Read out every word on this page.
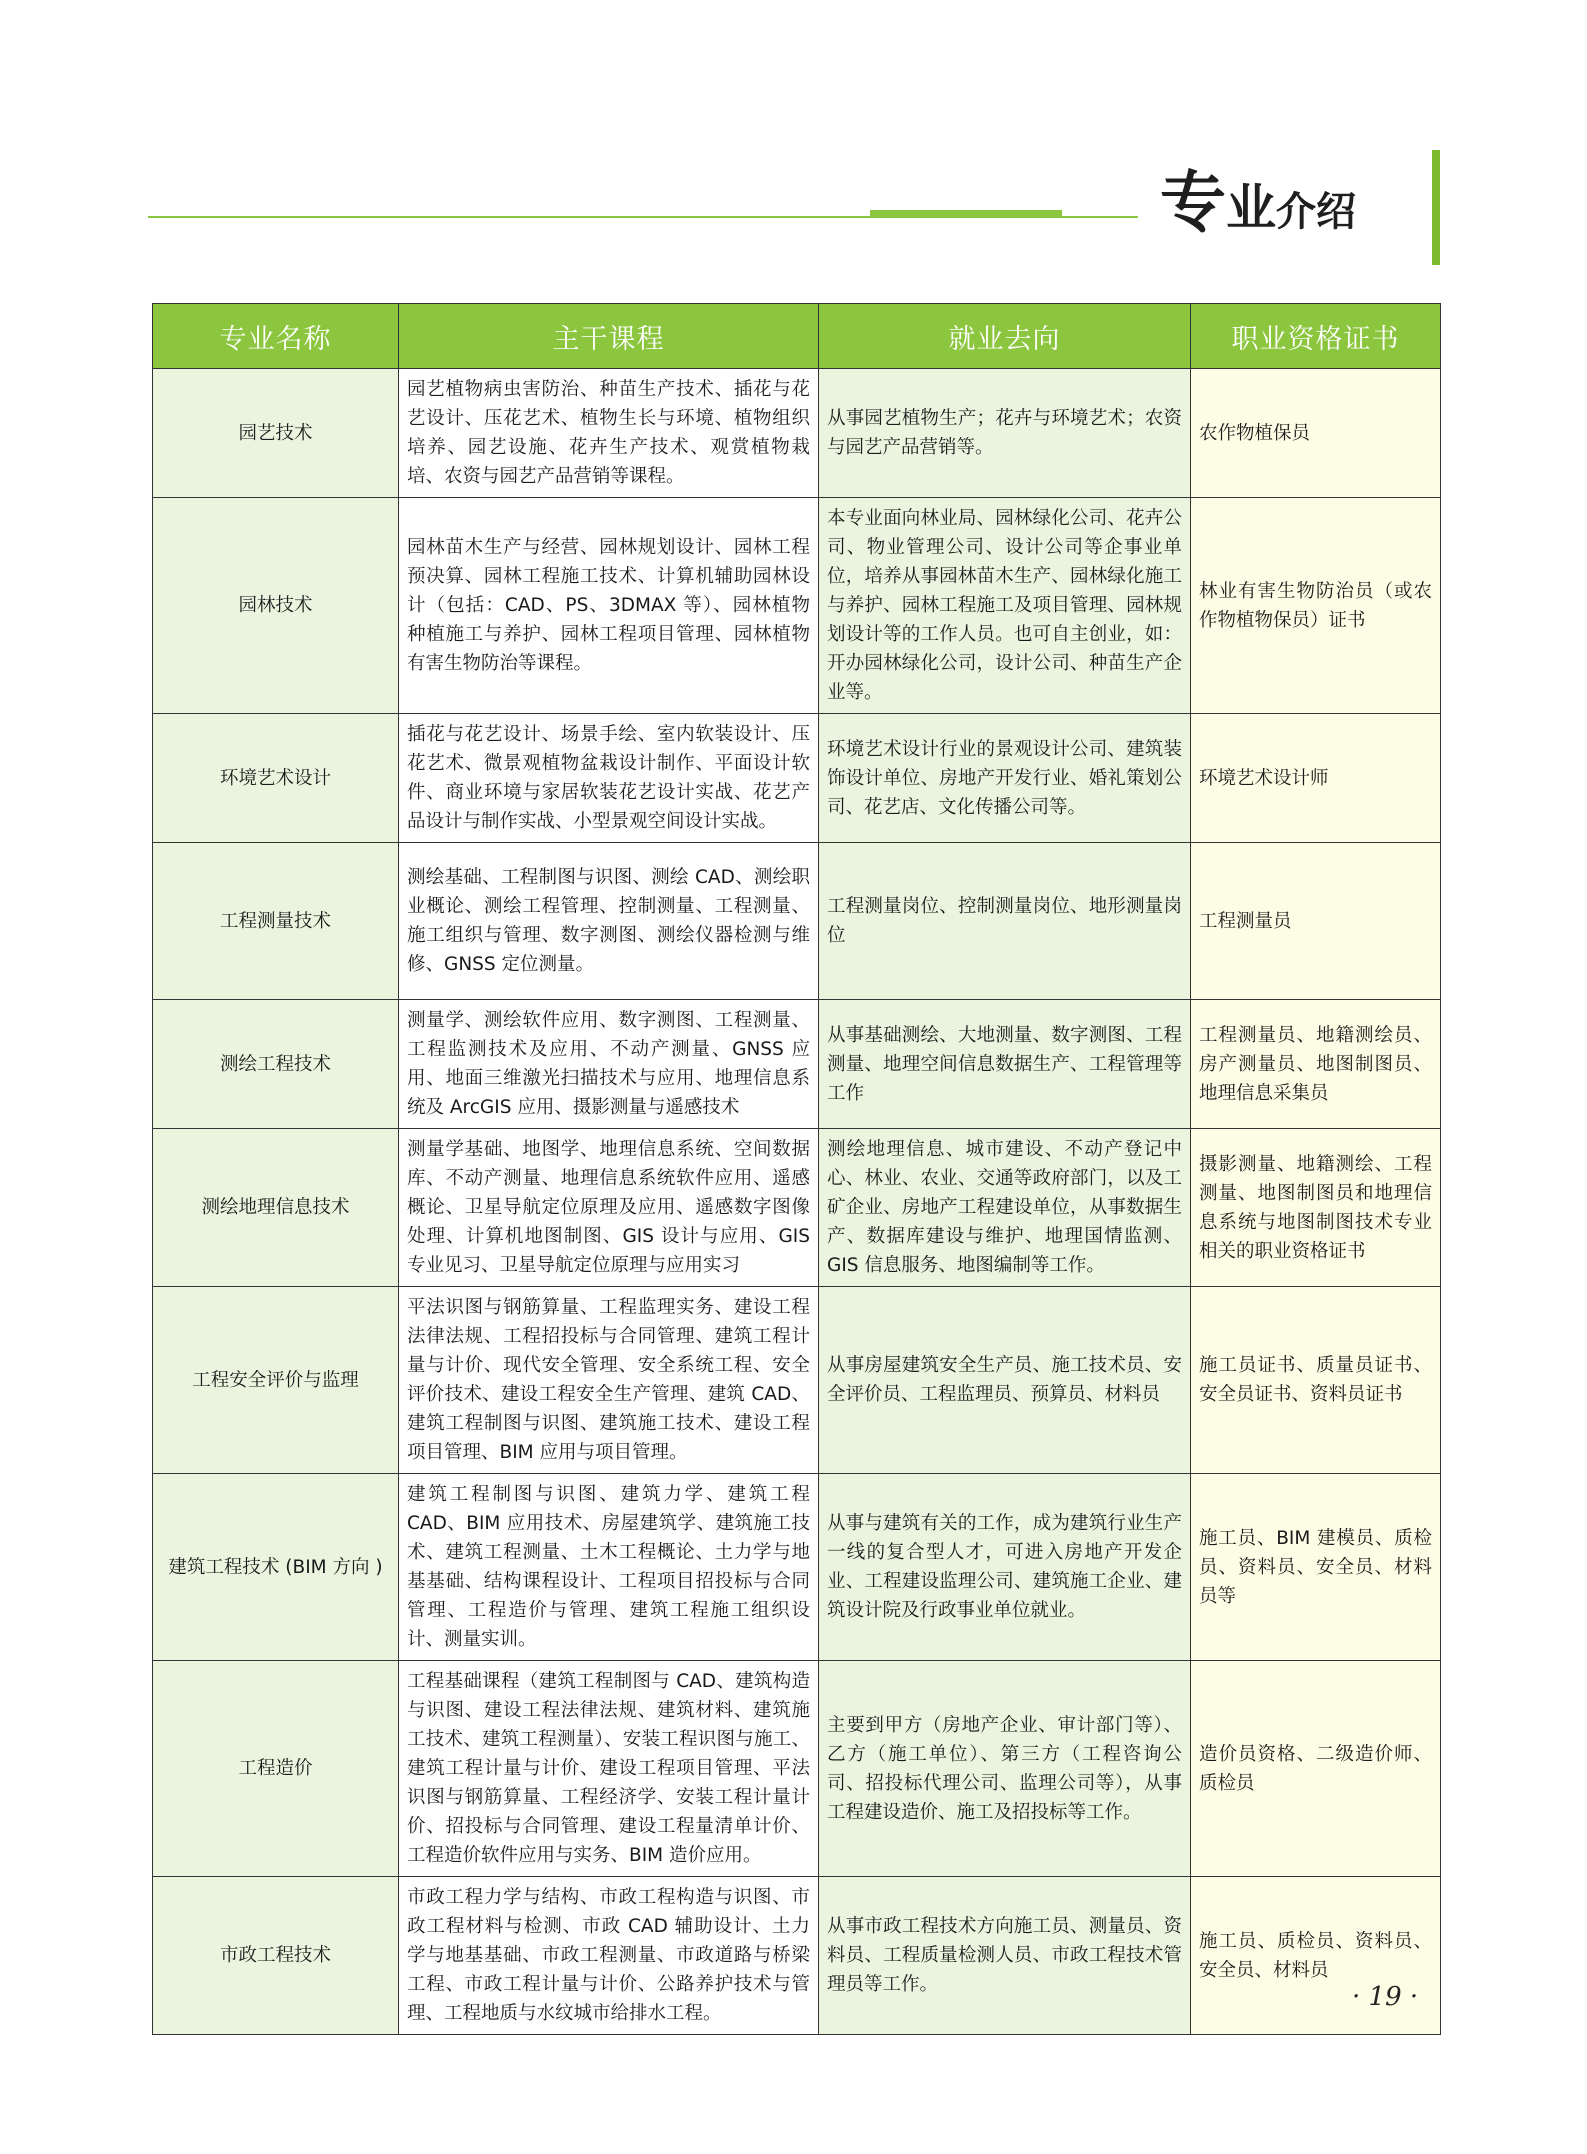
专业介绍
专业名称	主干课程	就业去向	职业资格证书
园艺技术	园艺植物病虫害防治、种苗生产技术、插花与花艺设计、压花艺术、植物生长与环境、植物组织培养、园艺设施、花卉生产技术、观赏植物栽培、农资与园艺产品营销等课程。	从事园艺植物生产；花卉与环境艺术；农资与园艺产品营销等。	农作物植保员
园林技术	园林苗木生产与经营、园林规划设计、园林工程预决算、园林工程施工技术、计算机辅助园林设计（包括：CAD、PS、3DMAX 等）、园林植物种植施工与养护、园林工程项目管理、园林植物有害生物防治等课程。	本专业面向林业局、园林绿化公司、花卉公司、物业管理公司、设计公司等企事业单位，培养从事园林苗木生产、园林绿化施工与养护、园林工程施工及项目管理、园林规划设计等的工作人员。也可自主创业，如：开办园林绿化公司，设计公司、种苗生产企业等。	林业有害生物防治员（或农作物植物保员）证书
环境艺术设计	插花与花艺设计、场景手绘、室内软装设计、压花艺术、微景观植物盆栽设计制作、平面设计软件、商业环境与家居软装花艺设计实战、花艺产品设计与制作实战、小型景观空间设计实战。	环境艺术设计行业的景观设计公司、建筑装饰设计单位、房地产开发行业、婚礼策划公司、花艺店、文化传播公司等。	环境艺术设计师
工程测量技术	测绘基础、工程制图与识图、测绘 CAD、测绘职业概论、测绘工程管理、控制测量、工程测量、施工组织与管理、数字测图、测绘仪器检测与维修、GNSS 定位测量。	工程测量岗位、控制测量岗位、地形测量岗位	工程测量员
测绘工程技术	测量学、测绘软件应用、数字测图、工程测量、工程监测技术及应用、不动产测量、GNSS 应用、地面三维激光扫描技术与应用、地理信息系统及 ArcGIS 应用、摄影测量与遥感技术	从事基础测绘、大地测量、数字测图、工程测量、地理空间信息数据生产、工程管理等工作	工程测量员、地籍测绘员、房产测量员、地图制图员、地理信息采集员
测绘地理信息技术	测量学基础、地图学、地理信息系统、空间数据库、不动产测量、地理信息系统软件应用、遥感概论、卫星导航定位原理及应用、遥感数字图像处理、计算机地图制图、GIS 设计与应用、GIS 专业见习、卫星导航定位原理与应用实习	测绘地理信息、城市建设、不动产登记中心、林业、农业、交通等政府部门，以及工矿企业、房地产工程建设单位，从事数据生产、数据库建设与维护、地理国情监测、GIS 信息服务、地图编制等工作。	摄影测量、地籍测绘、工程测量、地图制图员和地理信息系统与地图制图技术专业相关的职业资格证书
工程安全评价与监理	平法识图与钢筋算量、工程监理实务、建设工程法律法规、工程招投标与合同管理、建筑工程计量与计价、现代安全管理、安全系统工程、安全评价技术、建设工程安全生产管理、建筑 CAD、建筑工程制图与识图、建筑施工技术、建设工程项目管理、BIM 应用与项目管理。	从事房屋建筑安全生产员、施工技术员、安全评价员、工程监理员、预算员、材料员	施工员证书、质量员证书、安全员证书、资料员证书
建筑工程技术 (BIM 方向 )	建筑工程制图与识图、建筑力学、建筑工程 CAD、BIM 应用技术、房屋建筑学、建筑施工技术、建筑工程测量、土木工程概论、土力学与地基基础、结构课程设计、工程项目招投标与合同管理、工程造价与管理、建筑工程施工组织设计、测量实训。	从事与建筑有关的工作，成为建筑行业生产一线的复合型人才，可进入房地产开发企业、工程建设监理公司、建筑施工企业、建筑设计院及行政事业单位就业。	施工员、BIM 建模员、质检员、资料员、安全员、材料员等
工程造价	工程基础课程（建筑工程制图与 CAD、建筑构造与识图、建设工程法律法规、建筑材料、建筑施工技术、建筑工程测量）、安装工程识图与施工、建筑工程计量与计价、建设工程项目管理、平法识图与钢筋算量、工程经济学、安装工程计量计价、招投标与合同管理、建设工程量清单计价、工程造价软件应用与实务、BIM 造价应用。	主要到甲方（房地产企业、审计部门等）、乙方（施工单位）、第三方（工程咨询公司、招投标代理公司、监理公司等），从事工程建设造价、施工及招投标等工作。	造价员资格、二级造价师、质检员
市政工程技术	市政工程力学与结构、市政工程构造与识图、市政工程材料与检测、市政 CAD 辅助设计、土力学与地基基础、市政工程测量、市政道路与桥梁工程、市政工程计量与计价、公路养护技术与管理、工程地质与水纹城市给排水工程。	从事市政工程技术方向施工员、测量员、资料员、工程质量检测人员、市政工程技术管理员等工作。	施工员、质检员、资料员、安全员、材料员
· 19 ·
